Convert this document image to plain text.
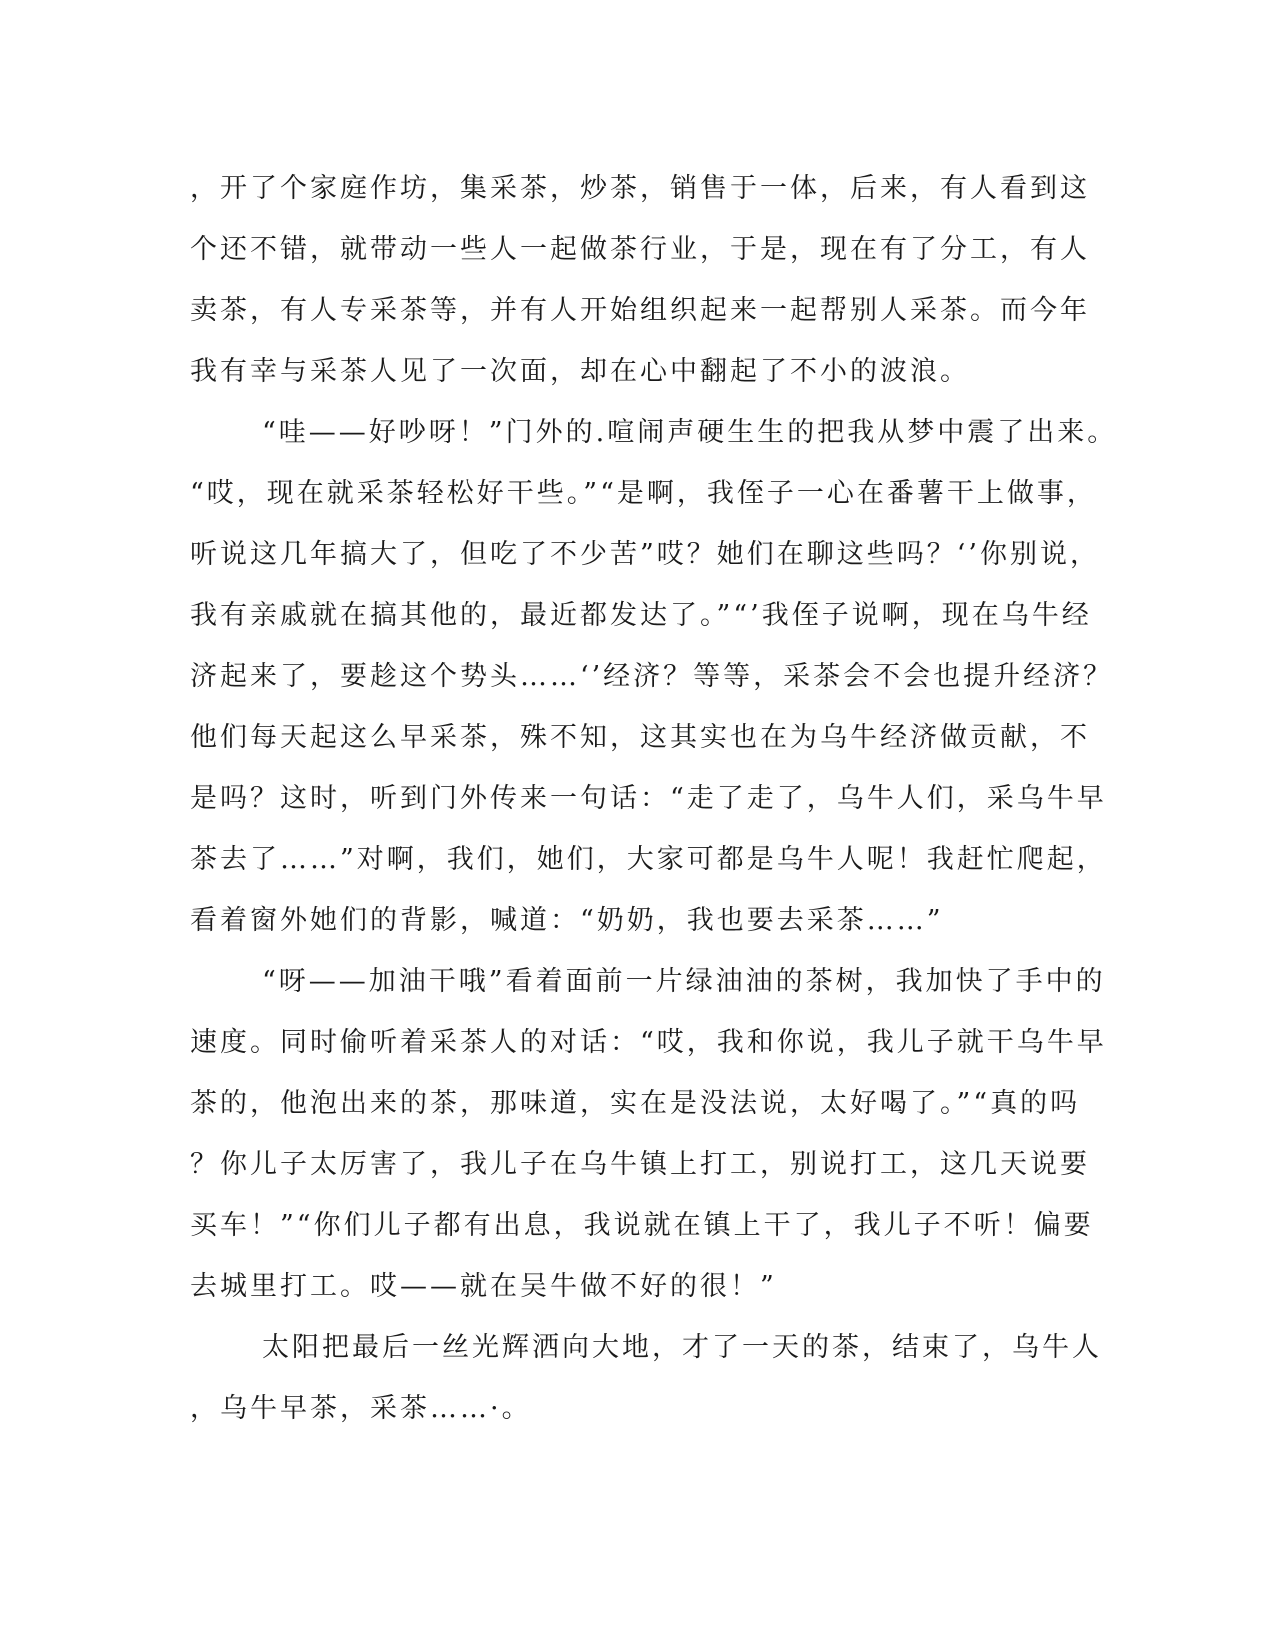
，开了个家庭作坊，集采茶，炒茶，销售于一体，后来，有人看到这
个还不错，就带动一些人一起做茶行业，于是，现在有了分工，有人
卖茶，有人专采茶等，并有人开始组织起来一起帮别人采茶。而今年
我有幸与采茶人见了一次面，却在心中翻起了不小的波浪。
“哇——好吵呀！”门外的.喧闹声硬生生的把我从梦中震了出来。
“哎，现在就采茶轻松好干些。”“是啊，我侄子一心在番薯干上做事，
听说这几年搞大了，但吃了不少苦”哎？她们在聊这些吗？‘’你别说，
我有亲戚就在搞其他的，最近都发达了。”“’我侄子说啊，现在乌牛经
济起来了，要趁这个势头……‘’经济？等等，采茶会不会也提升经济？
他们每天起这么早采茶，殊不知，这其实也在为乌牛经济做贡献，不
是吗？这时，听到门外传来一句话：“走了走了，乌牛人们，采乌牛早
茶去了……”对啊，我们，她们，大家可都是乌牛人呢！我赶忙爬起，
看着窗外她们的背影，喊道：“奶奶，我也要去采茶……”
“呀——加油干哦”看着面前一片绿油油的茶树，我加快了手中的
速度。同时偷听着采茶人的对话：“哎，我和你说，我儿子就干乌牛早
茶的，他泡出来的茶，那味道，实在是没法说，太好喝了。”“真的吗
？你儿子太厉害了，我儿子在乌牛镇上打工，别说打工，这几天说要
买车！”“你们儿子都有出息，我说就在镇上干了，我儿子不听！偏要
去城里打工。哎——就在吴牛做不好的很！”
太阳把最后一丝光辉洒向大地，才了一天的茶，结束了，乌牛人
，乌牛早茶，采茶……·。
